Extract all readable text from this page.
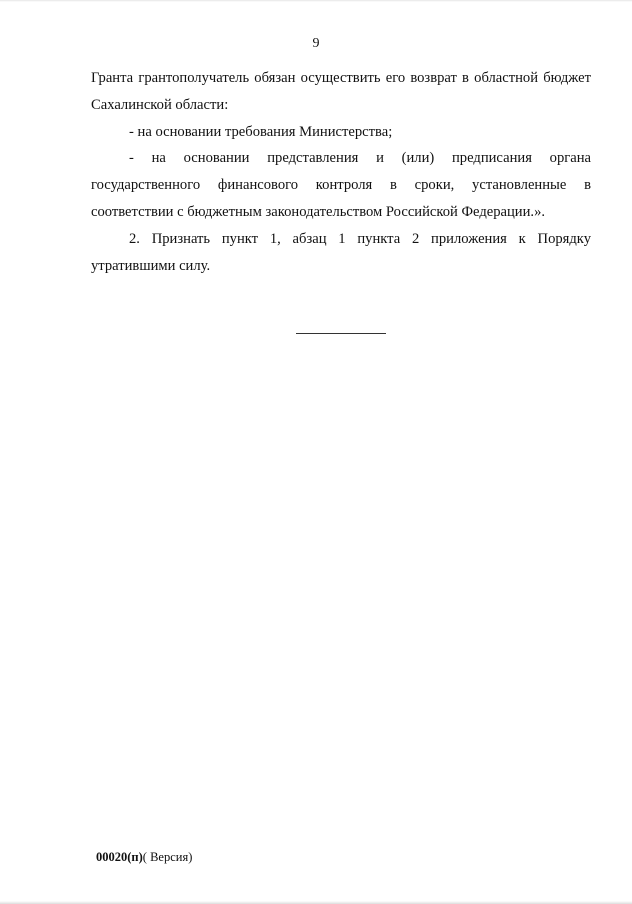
9

Гранта грантополучатель обязан осуществить его возврат в областной бюджет Сахалинской области:

- на основании требования Министерства;

- на основании представления и (или) предписания органа государственного финансового контроля в сроки, установленные в соответствии с бюджетным законодательством Российской Федерации.».

2. Признать пункт 1, абзац 1 пункта 2 приложения к Порядку утратившими силу.

00020(п)( Версия)
